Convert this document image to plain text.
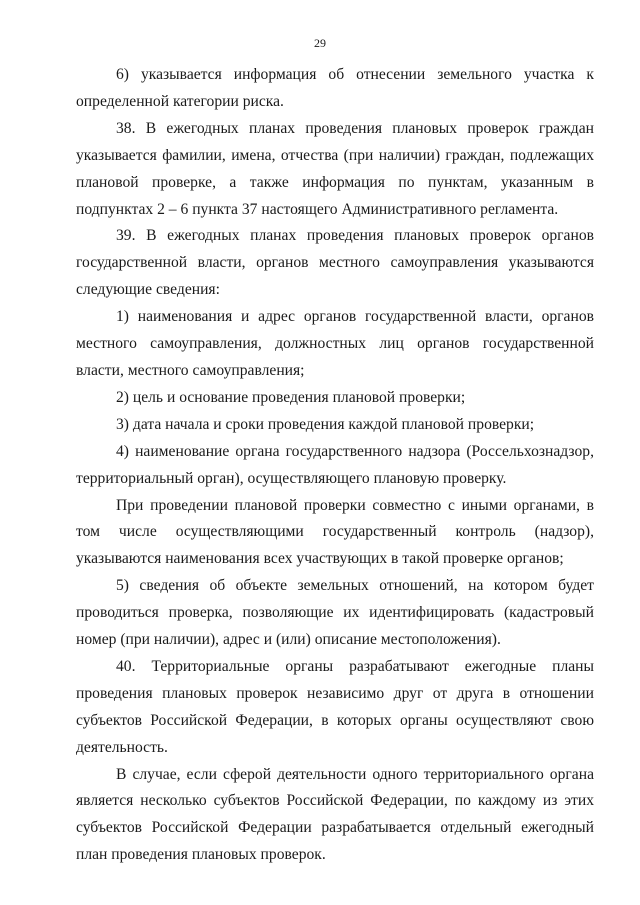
29

6) указывается информация об отнесении земельного участка к определенной категории риска.

38. В ежегодных планах проведения плановых проверок граждан указывается фамилии, имена, отчества (при наличии) граждан, подлежащих плановой проверке, а также информация по пунктам, указанным в подпунктах 2 – 6 пункта 37 настоящего Административного регламента.

39. В ежегодных планах проведения плановых проверок органов государственной власти, органов местного самоуправления указываются следующие сведения:

1) наименования и адрес органов государственной власти, органов местного самоуправления, должностных лиц органов государственной власти, местного самоуправления;

2) цель и основание проведения плановой проверки;

3) дата начала и сроки проведения каждой плановой проверки;

4) наименование органа государственного надзора (Россельхознадзор, территориальный орган), осуществляющего плановую проверку.

При проведении плановой проверки совместно с иными органами, в том числе осуществляющими государственный контроль (надзор), указываются наименования всех участвующих в такой проверке органов;

5) сведения об объекте земельных отношений, на котором будет проводиться проверка, позволяющие их идентифицировать (кадастровый номер (при наличии), адрес и (или) описание местоположения).

40. Территориальные органы разрабатывают ежегодные планы проведения плановых проверок независимо друг от друга в отношении субъектов Российской Федерации, в которых органы осуществляют свою деятельность.

В случае, если сферой деятельности одного территориального органа является несколько субъектов Российской Федерации, по каждому из этих субъектов Российской Федерации разрабатывается отдельный ежегодный план проведения плановых проверок.
